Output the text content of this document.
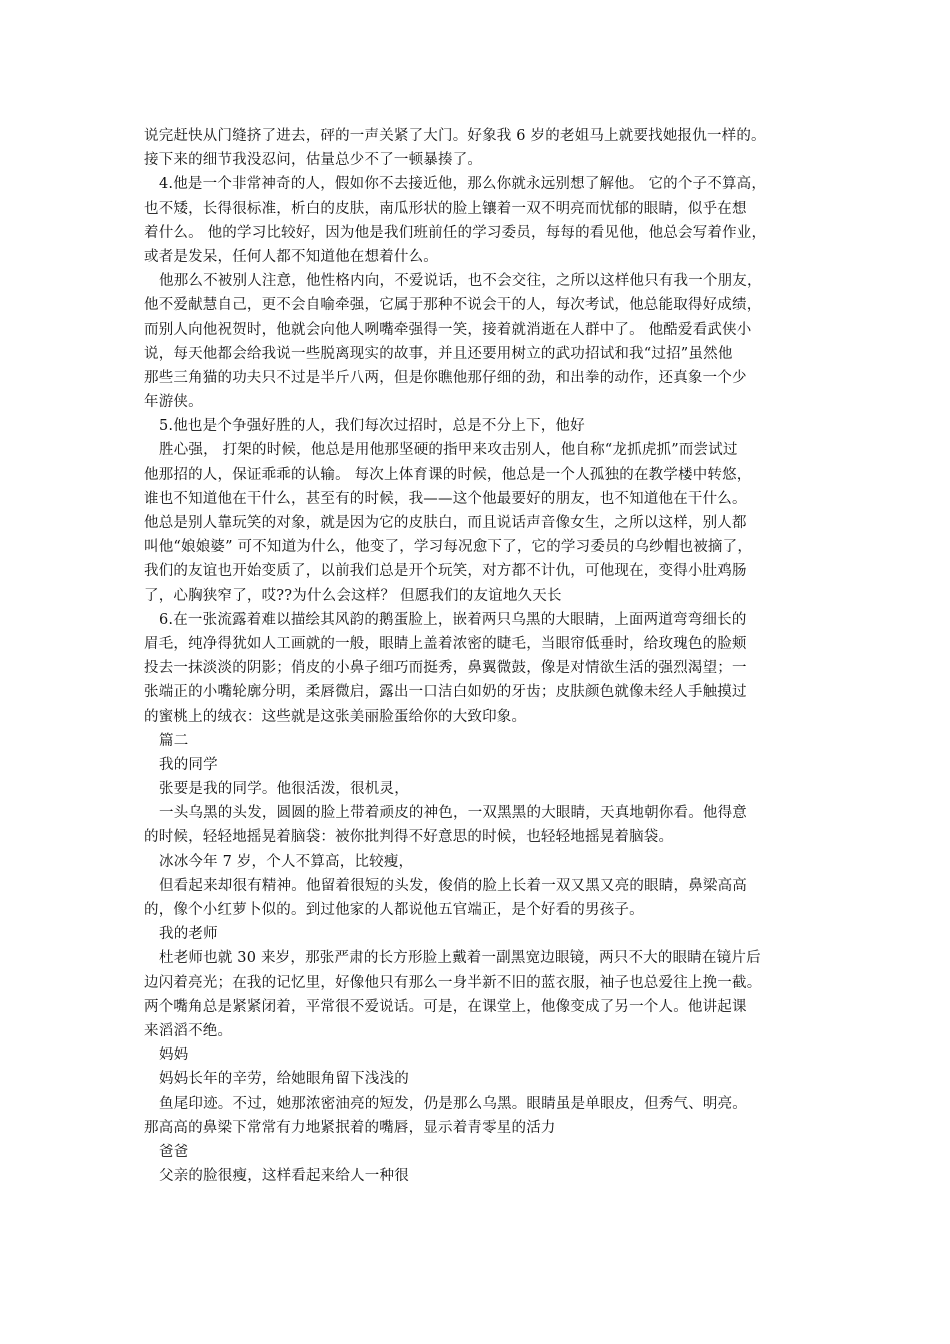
说完赶快从门缝挤了进去，砰的一声关紧了大门。好象我 6 岁的老姐马上就要找她报仇一样的。
接下来的细节我没忍问，估量总少不了一顿暴揍了。
4.他是一个非常神奇的人，假如你不去接近他，那么你就永远别想了解他。 它的个子不算高，
也不矮，长得很标准，析白的皮肤，南瓜形状的脸上镶着一双不明亮而忧郁的眼睛，似乎在想
着什么。 他的学习比较好，因为他是我们班前任的学习委员，每每的看见他，他总会写着作业，
或者是发呆，任何人都不知道他在想着什么。
他那么不被别人注意，他性格内向，不爱说话，也不会交往，之所以这样他只有我一个朋友，
他不爱献慧自己，更不会自喻牵强，它属于那种不说会干的人，每次考试，他总能取得好成绩，
而别人向他祝贺时，他就会向他人咧嘴牵强得一笑，接着就消逝在人群中了。 他酷爱看武侠小
说，每天他都会给我说一些脱离现实的故事，并且还要用树立的武功招试和我“过招”虽然他
那些三角猫的功夫只不过是半斤八两，但是你瞧他那仔细的劲，和出拳的动作，还真象一个少
年游侠。
5.他也是个争强好胜的人，我们每次过招时，总是不分上下，他好
胜心强， 打架的时候，他总是用他那坚硬的指甲来攻击别人，他自称“龙抓虎抓”而尝试过
他那招的人，保证乖乖的认输。 每次上体育课的时候，他总是一个人孤独的在教学楼中转悠，
谁也不知道他在干什么，甚至有的时候，我——这个他最要好的朋友，也不知道他在干什么。
他总是别人靠玩笑的对象，就是因为它的皮肤白，而且说话声音像女生，之所以这样，别人都
叫他“娘娘婆” 可不知道为什么，他变了，学习每况愈下了，它的学习委员的乌纱帽也被摘了，
我们的友谊也开始变质了，以前我们总是开个玩笑，对方都不计仇，可他现在，变得小肚鸡肠
了，心胸狭窄了，哎??为什么会这样？ 但愿我们的友谊地久天长
6.在一张流露着难以描绘其风韵的鹅蛋脸上，嵌着两只乌黑的大眼睛，上面两道弯弯细长的
眉毛，纯净得犹如人工画就的一般，眼睛上盖着浓密的睫毛，当眼帘低垂时，给玫瑰色的脸颊
投去一抹淡淡的阴影；俏皮的小鼻子细巧而挺秀，鼻翼微鼓，像是对情欲生活的强烈渴望；一
张端正的小嘴轮廓分明，柔唇微启，露出一口洁白如奶的牙齿；皮肤颜色就像未经人手触摸过
的蜜桃上的绒衣：这些就是这张美丽脸蛋给你的大致印象。
篇二
我的同学
张要是我的同学。他很活泼，很机灵，
一头乌黑的头发，圆圆的脸上带着顽皮的神色，一双黑黑的大眼睛，天真地朝你看。他得意
的时候，轻轻地摇晃着脑袋：被你批判得不好意思的时候，也轻轻地摇晃着脑袋。
冰冰今年 7 岁，个人不算高，比较瘦，
但看起来却很有精神。他留着很短的头发，俊俏的脸上长着一双又黑又亮的眼睛，鼻梁高高
的，像个小红萝卜似的。到过他家的人都说他五官端正，是个好看的男孩子。
我的老师
杜老师也就 30 来岁，那张严肃的长方形脸上戴着一副黑宽边眼镜，两只不大的眼睛在镜片后
边闪着亮光；在我的记忆里，好像他只有那么一身半新不旧的蓝衣服，袖子也总爱往上挽一截。
两个嘴角总是紧紧闭着，平常很不爱说话。可是，在课堂上，他像变成了另一个人。他讲起课
来滔滔不绝。
妈妈
妈妈长年的辛劳，给她眼角留下浅浅的
鱼尾印迹。不过，她那浓密油亮的短发，仍是那么乌黑。眼睛虽是单眼皮，但秀气、明亮。
那高高的鼻梁下常常有力地紧抿着的嘴唇，显示着青零星的活力
爸爸
父亲的脸很瘦，这样看起来给人一种很
